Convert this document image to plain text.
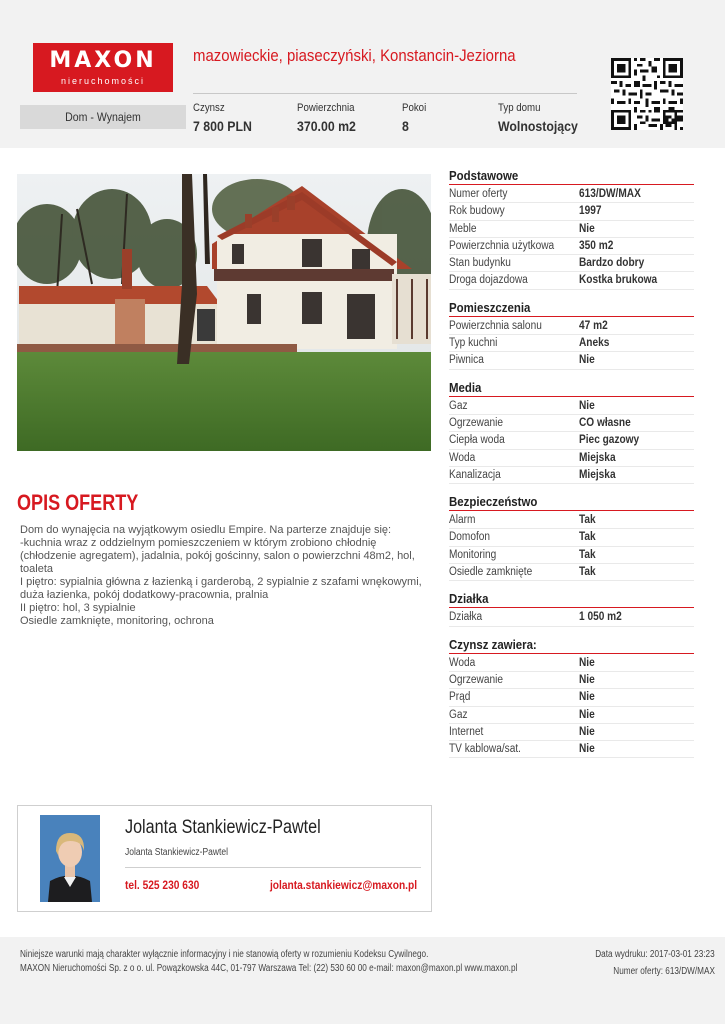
MAXON
nieruchomości
mazowieckie, piaseczyński, Konstancin-Jeziorna
Dom - Wynajem
Czynsz
7 800 PLN
Powierzchnia
370.00 m2
Pokoi
8
Typ domu
Wolnostojący
OPIS OFERTY
Dom do wynajęcia na wyjątkowym osiedlu Empire. Na parterze znajduje się:
-kuchnia wraz z oddzielnym pomieszczeniem w którym zrobiono chłodnię (chłodzenie agregatem), jadalnia, pokój gościnny, salon o powierzchni 48m2, hol, toaleta
I piętro: sypialnia główna z łazienką i garderobą, 2 sypialnie z szafami wnękowymi, duża łazienka, pokój dodatkowy-pracownia, pralnia
II piętro: hol, 3 sypialnie
Osiedle zamknięte, monitoring, ochrona
Podstawowe
Numer oferty	613/DW/MAX
Rok budowy	1997
Meble	Nie
Powierzchnia użytkowa 350 m2
Stan budynku	Bardzo dobry
Droga dojazdowa	Kostka brukowa
Pomieszczenia
Powierzchnia salonu	47 m2
Typ kuchni	Aneks
Piwnica	Nie
Media
Gaz	Nie
Ogrzewanie	CO własne
Ciepła woda	Piec gazowy
Woda	Miejska
Kanalizacja	Miejska
Bezpieczeństwo
Alarm	Tak
Domofon	Tak
Monitoring	Tak
Osiedle zamknięte	Tak
Działka
Działka	1 050 m2
Czynsz zawiera:
Woda	Nie
Ogrzewanie	Nie
Prąd	Nie
Gaz	Nie
Internet	Nie
TV kablowa/sat.	Nie
Jolanta Stankiewicz-Pawtel
Jolanta Stankiewicz-Pawtel
tel. 525 230 630	jolanta.stankiewicz@maxon.pl
Niniejsze warunki mają charakter wyłącznie informacyjny i nie stanowią oferty w rozumieniu Kodeksu Cywilnego.
MAXON Nieruchomości Sp. z o o. ul. Powązkowska 44C, 01-797 Warszawa Tel: (22) 530 60 00 e-mail: maxon@maxon.pl www.maxon.pl
Data wydruku: 2017-03-01 23:23
Numer oferty: 613/DW/MAX
